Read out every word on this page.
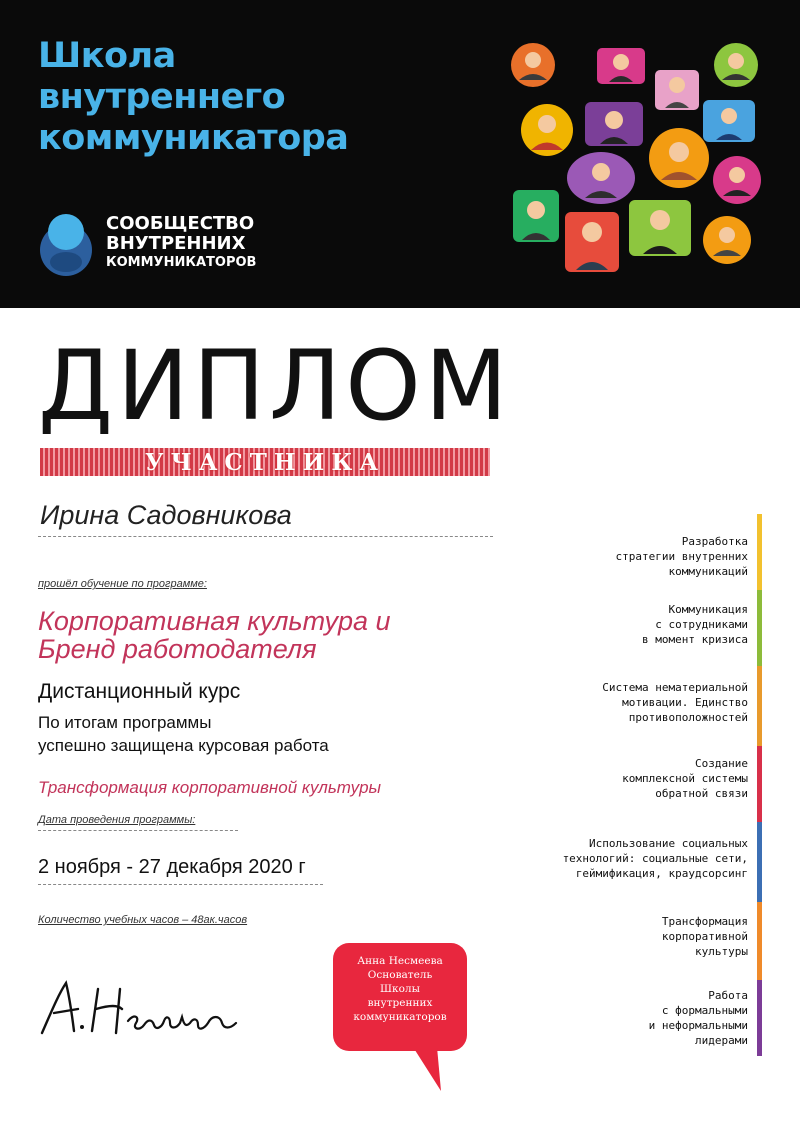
Школа
внутреннего
коммуникатора
СООБЩЕСТВО
ВНУТРЕННИХ
КОММУНИКАТОРОВ
ДИПЛОМ
УЧАСТНИКА
Ирина Садовникова
прошёл обучение по программе:
Корпоративная культура и
Бренд работодателя
Дистанционный курс
По итогам программы
успешно защищена курсовая работа
Трансформация корпоративной культуры
Дата проведения программы:
2 ноября - 27 декабря 2020 г
Количество учебных часов – 48ак.часов
Анна Несмеева
Основатель
Школы
внутренних
коммуникаторов
Разработка
стратегии внутренних
коммуникаций
Коммуникация
с сотрудниками
в момент кризиса
Система нематериальной
мотивации. Единство
противоположностей
Создание
комплексной системы
обратной связи
Использование социальных
технологий: социальные сети,
геймификация, краудсорсинг
Трансформация
корпоративной
культуры
Работа
с формальными
и неформальными
лидерами
